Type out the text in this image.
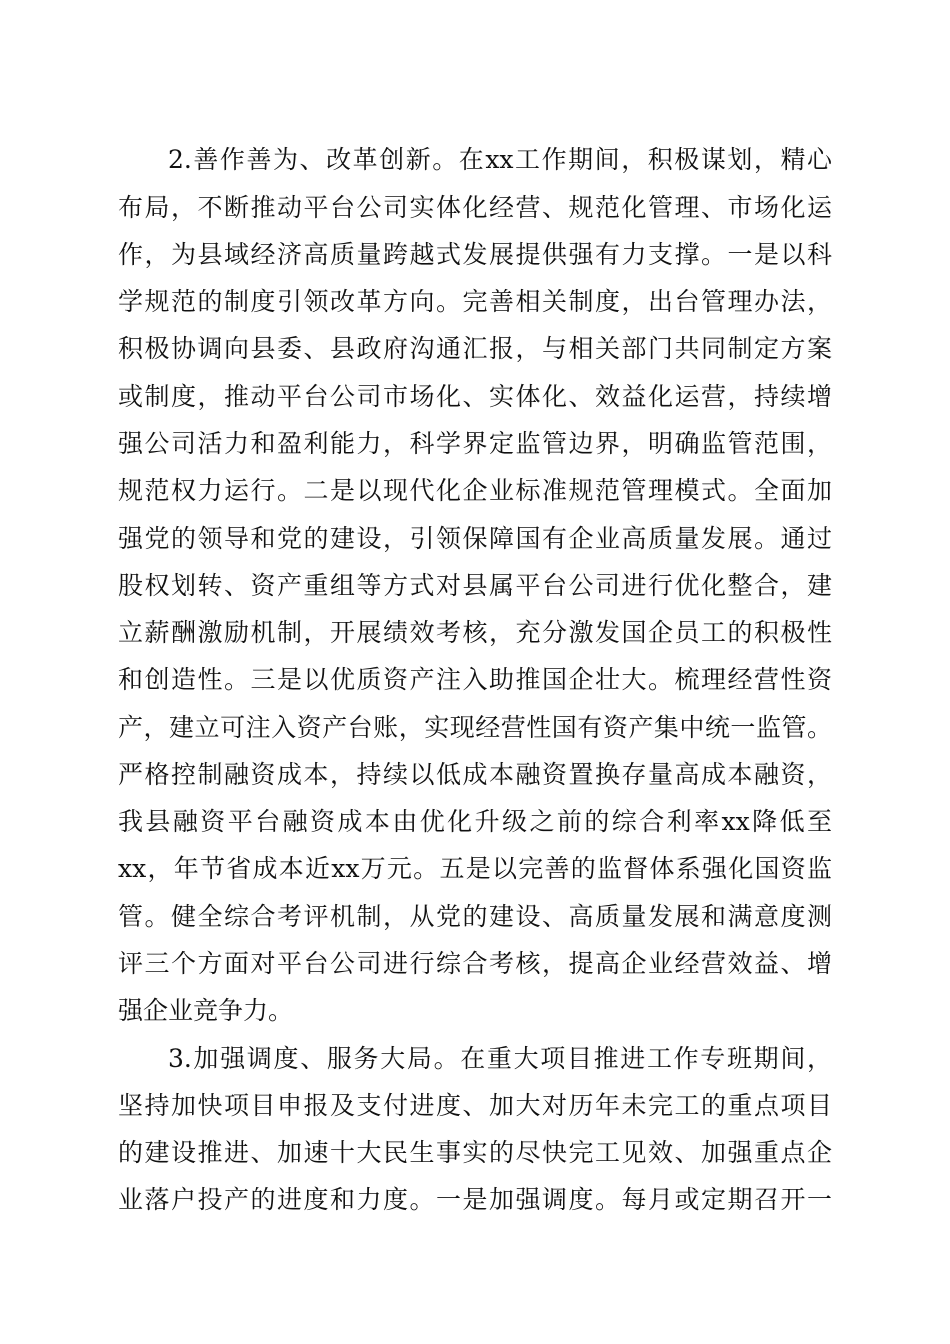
2.善作善为、改革创新。在xx工作期间，积极谋划，精心
布局，不断推动平台公司实体化经营、规范化管理、市场化运
作，为县域经济高质量跨越式发展提供强有力支撑。一是以科
学规范的制度引领改革方向。完善相关制度，出台管理办法，
积极协调向县委、县政府沟通汇报，与相关部门共同制定方案
或制度，推动平台公司市场化、实体化、效益化运营，持续增
强公司活力和盈利能力，科学界定监管边界，明确监管范围，
规范权力运行。二是以现代化企业标准规范管理模式。全面加
强党的领导和党的建设，引领保障国有企业高质量发展。通过
股权划转、资产重组等方式对县属平台公司进行优化整合，建
立薪酬激励机制，开展绩效考核，充分激发国企员工的积极性
和创造性。三是以优质资产注入助推国企壮大。梳理经营性资
产，建立可注入资产台账，实现经营性国有资产集中统一监管。
严格控制融资成本，持续以低成本融资置换存量高成本融资，
我县融资平台融资成本由优化升级之前的综合利率xx降低至
xx，年节省成本近xx万元。五是以完善的监督体系强化国资监
管。健全综合考评机制，从党的建设、高质量发展和满意度测
评三个方面对平台公司进行综合考核，提高企业经营效益、增
强企业竞争力。
3.加强调度、服务大局。在重大项目推进工作专班期间，
坚持加快项目申报及支付进度、加大对历年未完工的重点项目
的建设推进、加速十大民生事实的尽快完工见效、加强重点企
业落户投产的进度和力度。一是加强调度。每月或定期召开一
